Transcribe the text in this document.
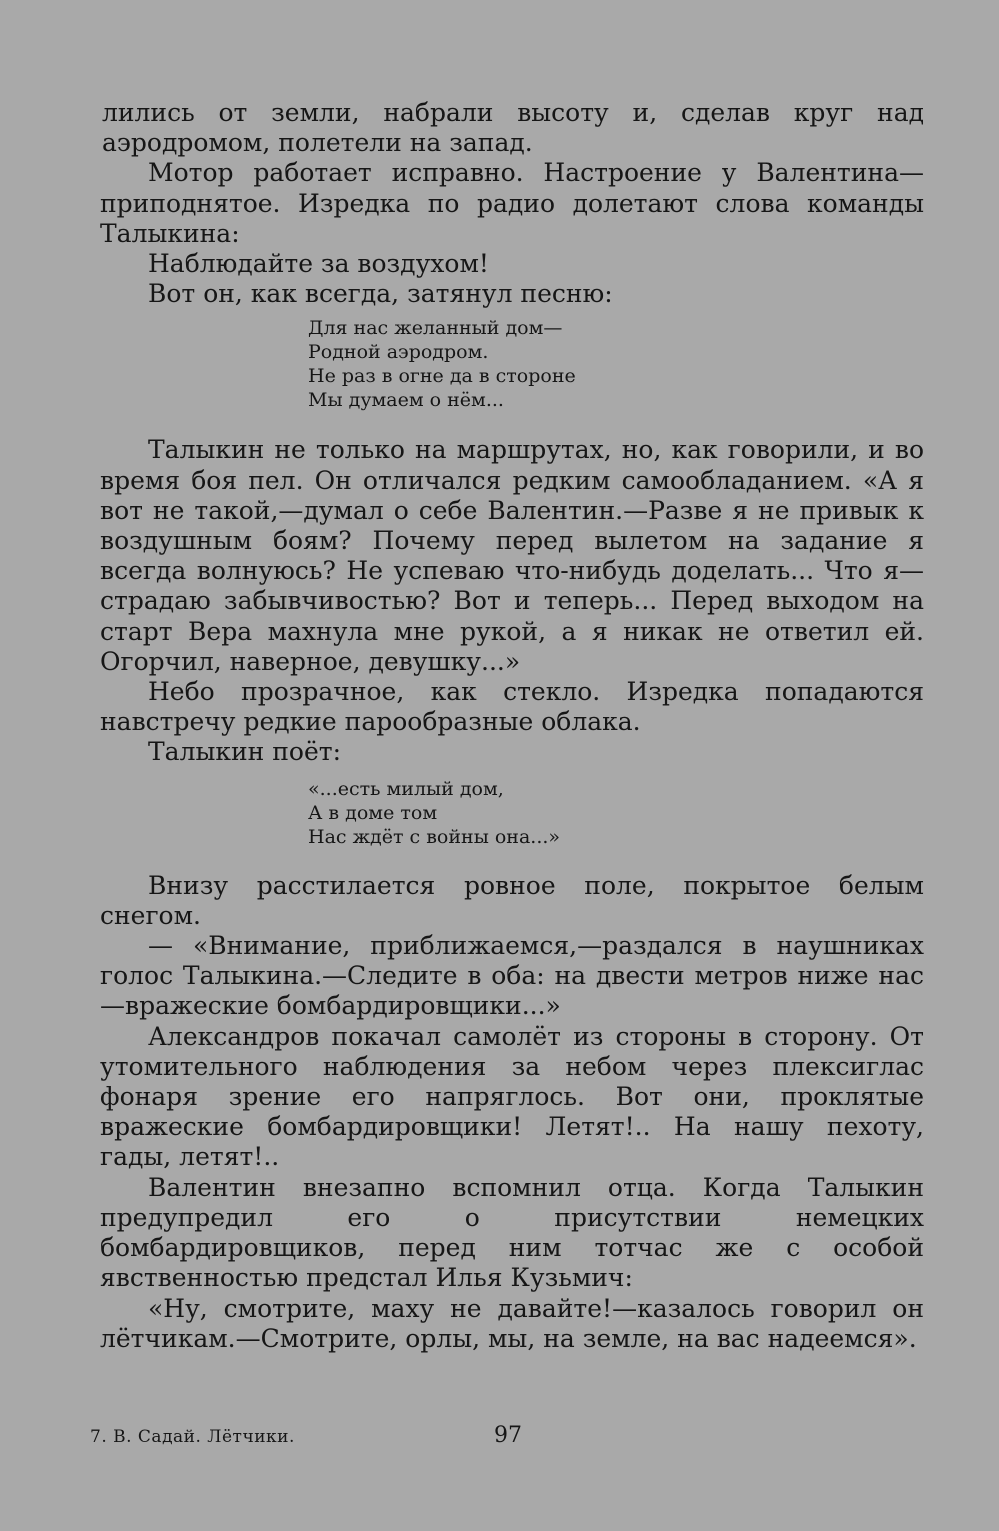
лились от земли, набрали высоту и, сделав круг над аэродромом, полетели на запад.

Мотор работает исправно. Настроение у Валентина—приподнятое. Изредка по радио долетают слова команды Талыкина:

Наблюдайте за воздухом!

Вот он, как всегда, затянул песню:

Для нас желанный дом—
Родной аэродром.
Не раз в огне да в стороне
Мы думаем о нём...

Талыкин не только на маршрутах, но, как говорили, и во время боя пел. Он отличался редким самообладанием. «А я вот не такой,—думал о себе Валентин.—Разве я не привык к воздушным боям? Почему перед вылетом на задание я всегда волнуюсь? Не успеваю что-нибудь доделать... Что я—страдаю забывчивостью? Вот и теперь... Перед выходом на старт Вера махнула мне рукой, а я никак не ответил ей. Огорчил, наверное, девушку...»

Небо прозрачное, как стекло. Изредка попадаются навстречу редкие парообразные облака.

Талыкин поёт:

«...есть милый дом,
А в доме том
Нас ждёт с войны она...»

Внизу расстилается ровное поле, покрытое белым снегом.

— «Внимание, приближаемся,—раздался в наушниках голос Талыкина.—Следите в оба: на двести метров ниже нас—вражеские бомбардировщики...»

Александров покачал самолёт из стороны в сторону. От утомительного наблюдения за небом через плексиглас фонаря зрение его напряглось. Вот они, проклятые вражеские бомбардировщики! Летят!.. На нашу пехоту, гады, летят!..

Валентин внезапно вспомнил отца. Когда Талыкин предупредил его о присутствии немецких бомбардировщиков, перед ним тотчас же с особой явственностью предстал Илья Кузьмич:

«Ну, смотрите, маху не давайте!—казалось говорил он лётчикам.—Смотрите, орлы, мы, на земле, на вас надеемся».

7. В. Садай. Лётчики.	97
